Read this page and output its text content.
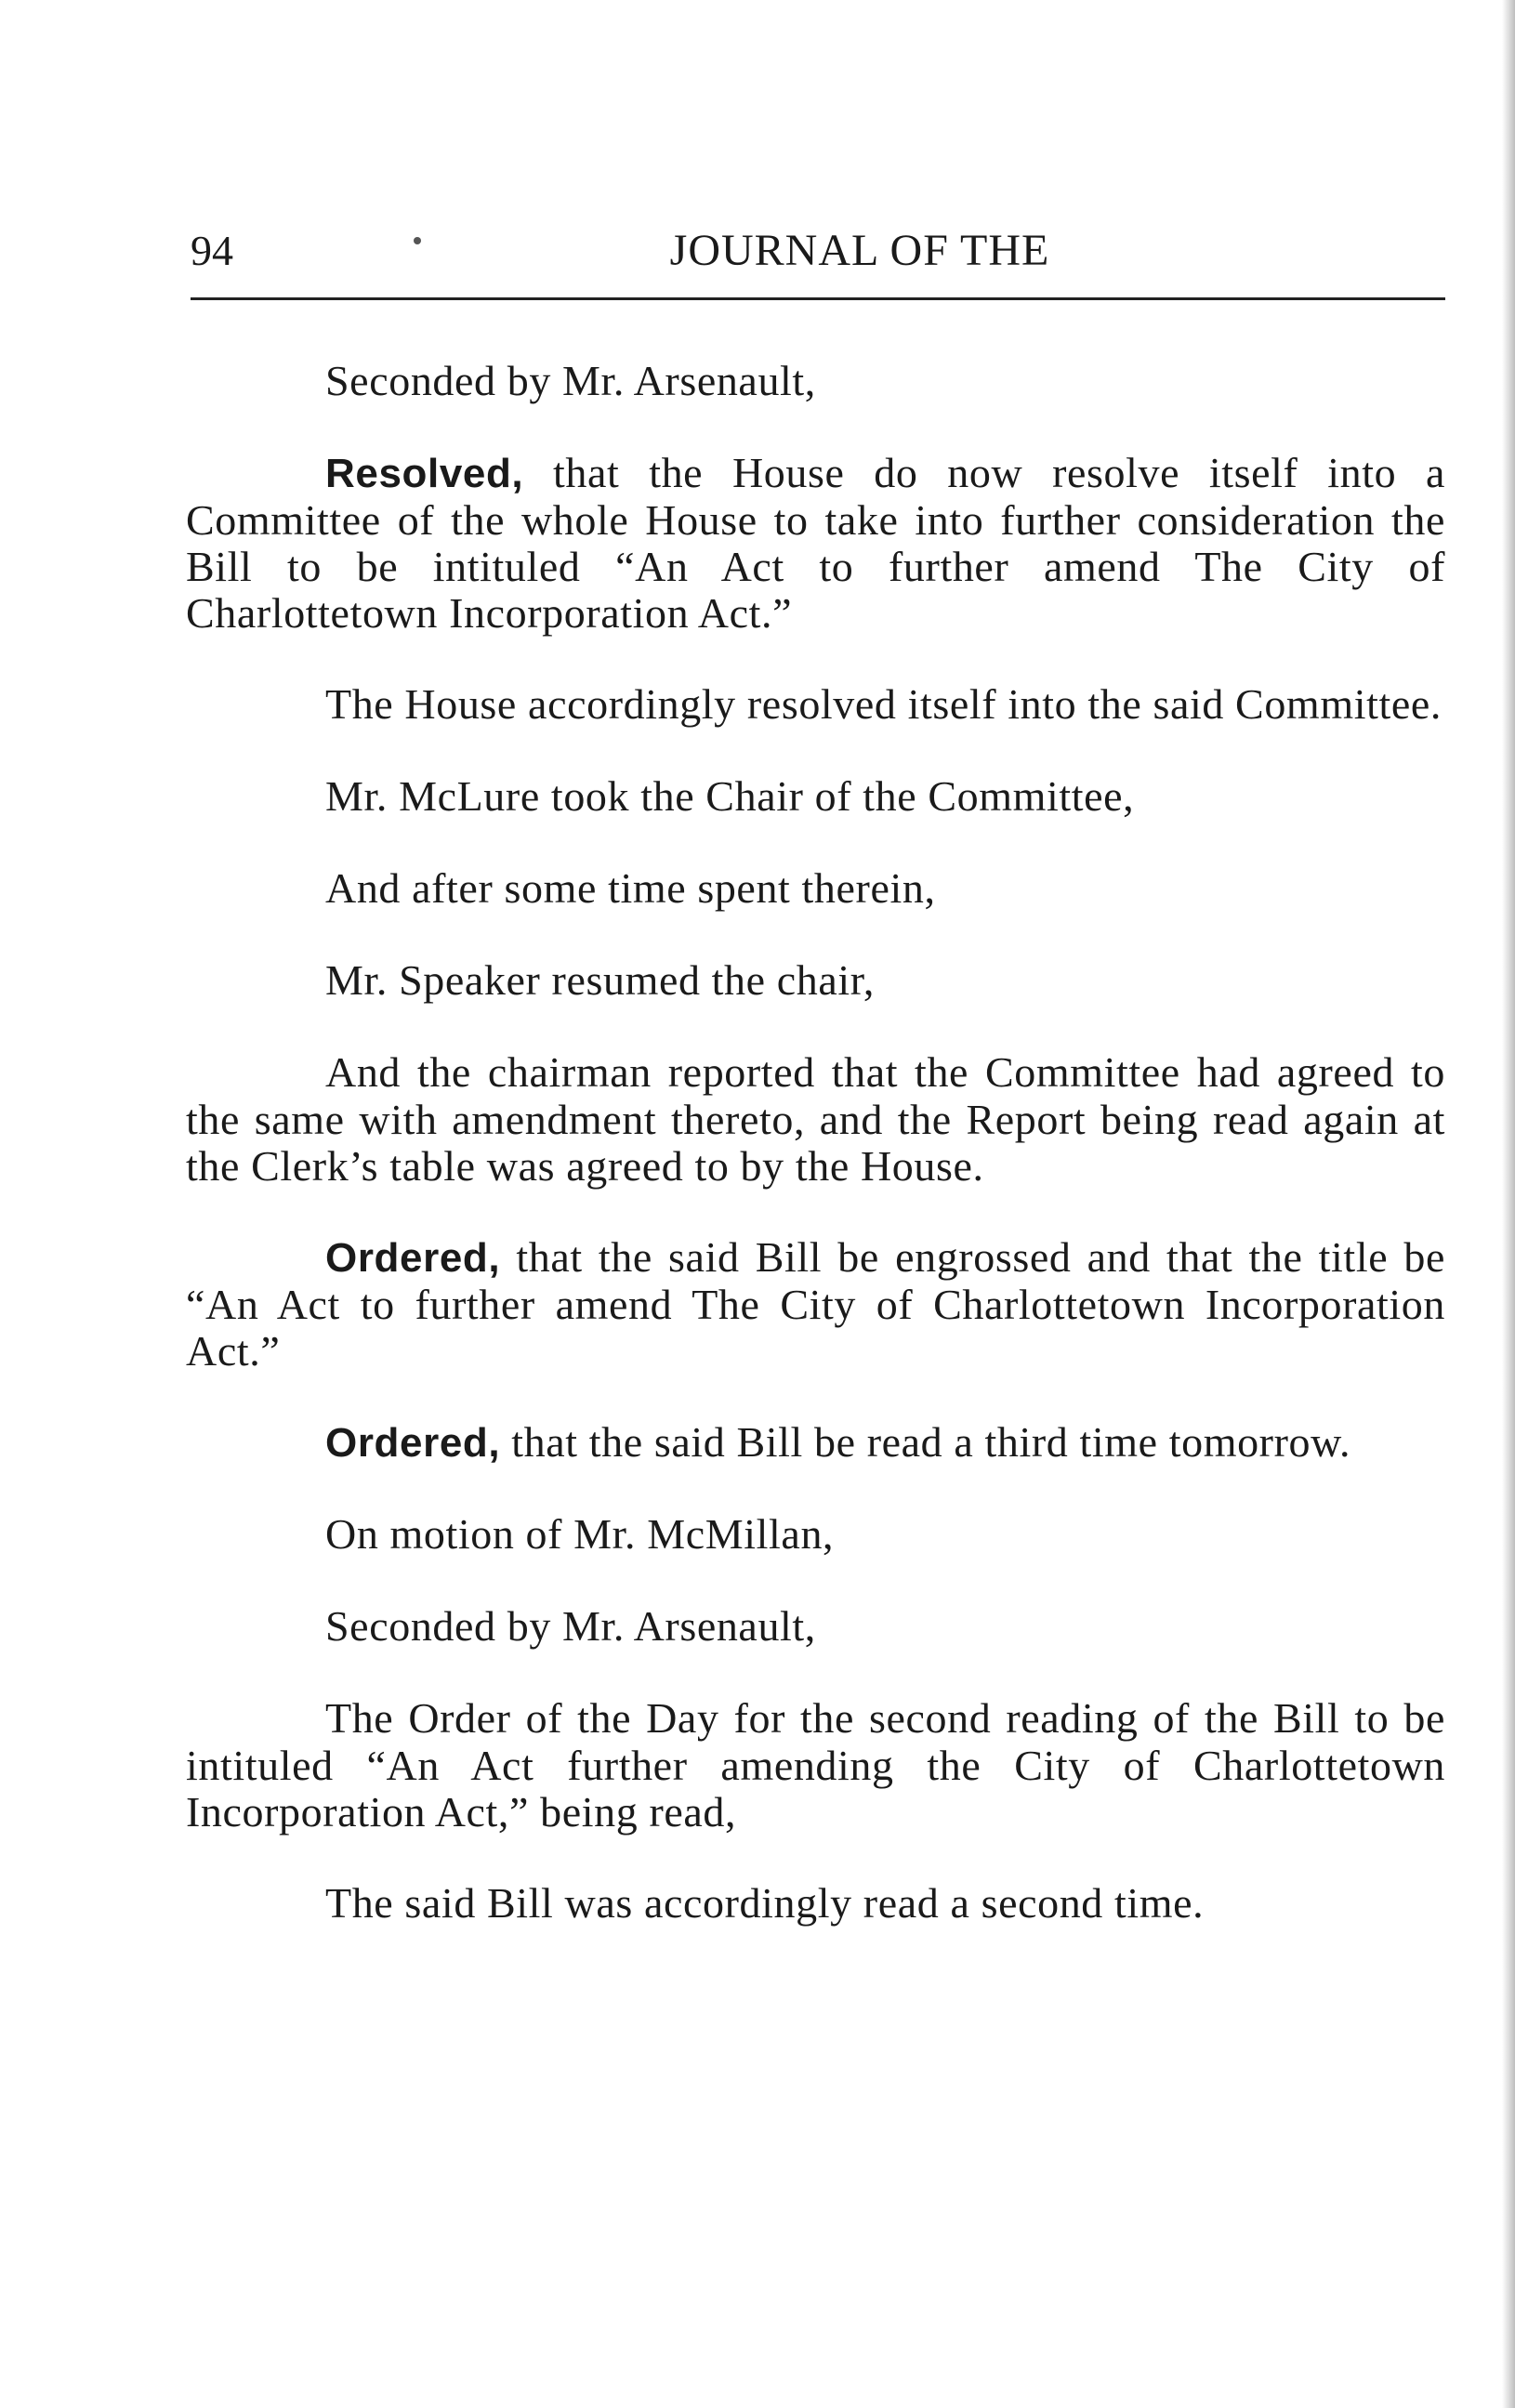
94	JOURNAL OF THE

Seconded by Mr. Arsenault,

Resolved, that the House do now resolve itself into a Committee of the whole House to take into further consideration the Bill to be intituled “An Act to further amend The City of Charlottetown Incorporation Act.”

The House accordingly resolved itself into the said Committee.

Mr. McLure took the Chair of the Committee,

And after some time spent therein,

Mr. Speaker resumed the chair,

And the chairman reported that the Committee had agreed to the same with amendment thereto, and the Report being read again at the Clerk’s table was agreed to by the House.

Ordered, that the said Bill be engrossed and that the title be “An Act to further amend The City of Charlottetown Incorporation Act.”

Ordered, that the said Bill be read a third time tomorrow.

On motion of Mr. McMillan,

Seconded by Mr. Arsenault,

The Order of the Day for the second reading of the Bill to be intituled “An Act further amending the City of Charlottetown Incorporation Act,” being read,

The said Bill was accordingly read a second time.
